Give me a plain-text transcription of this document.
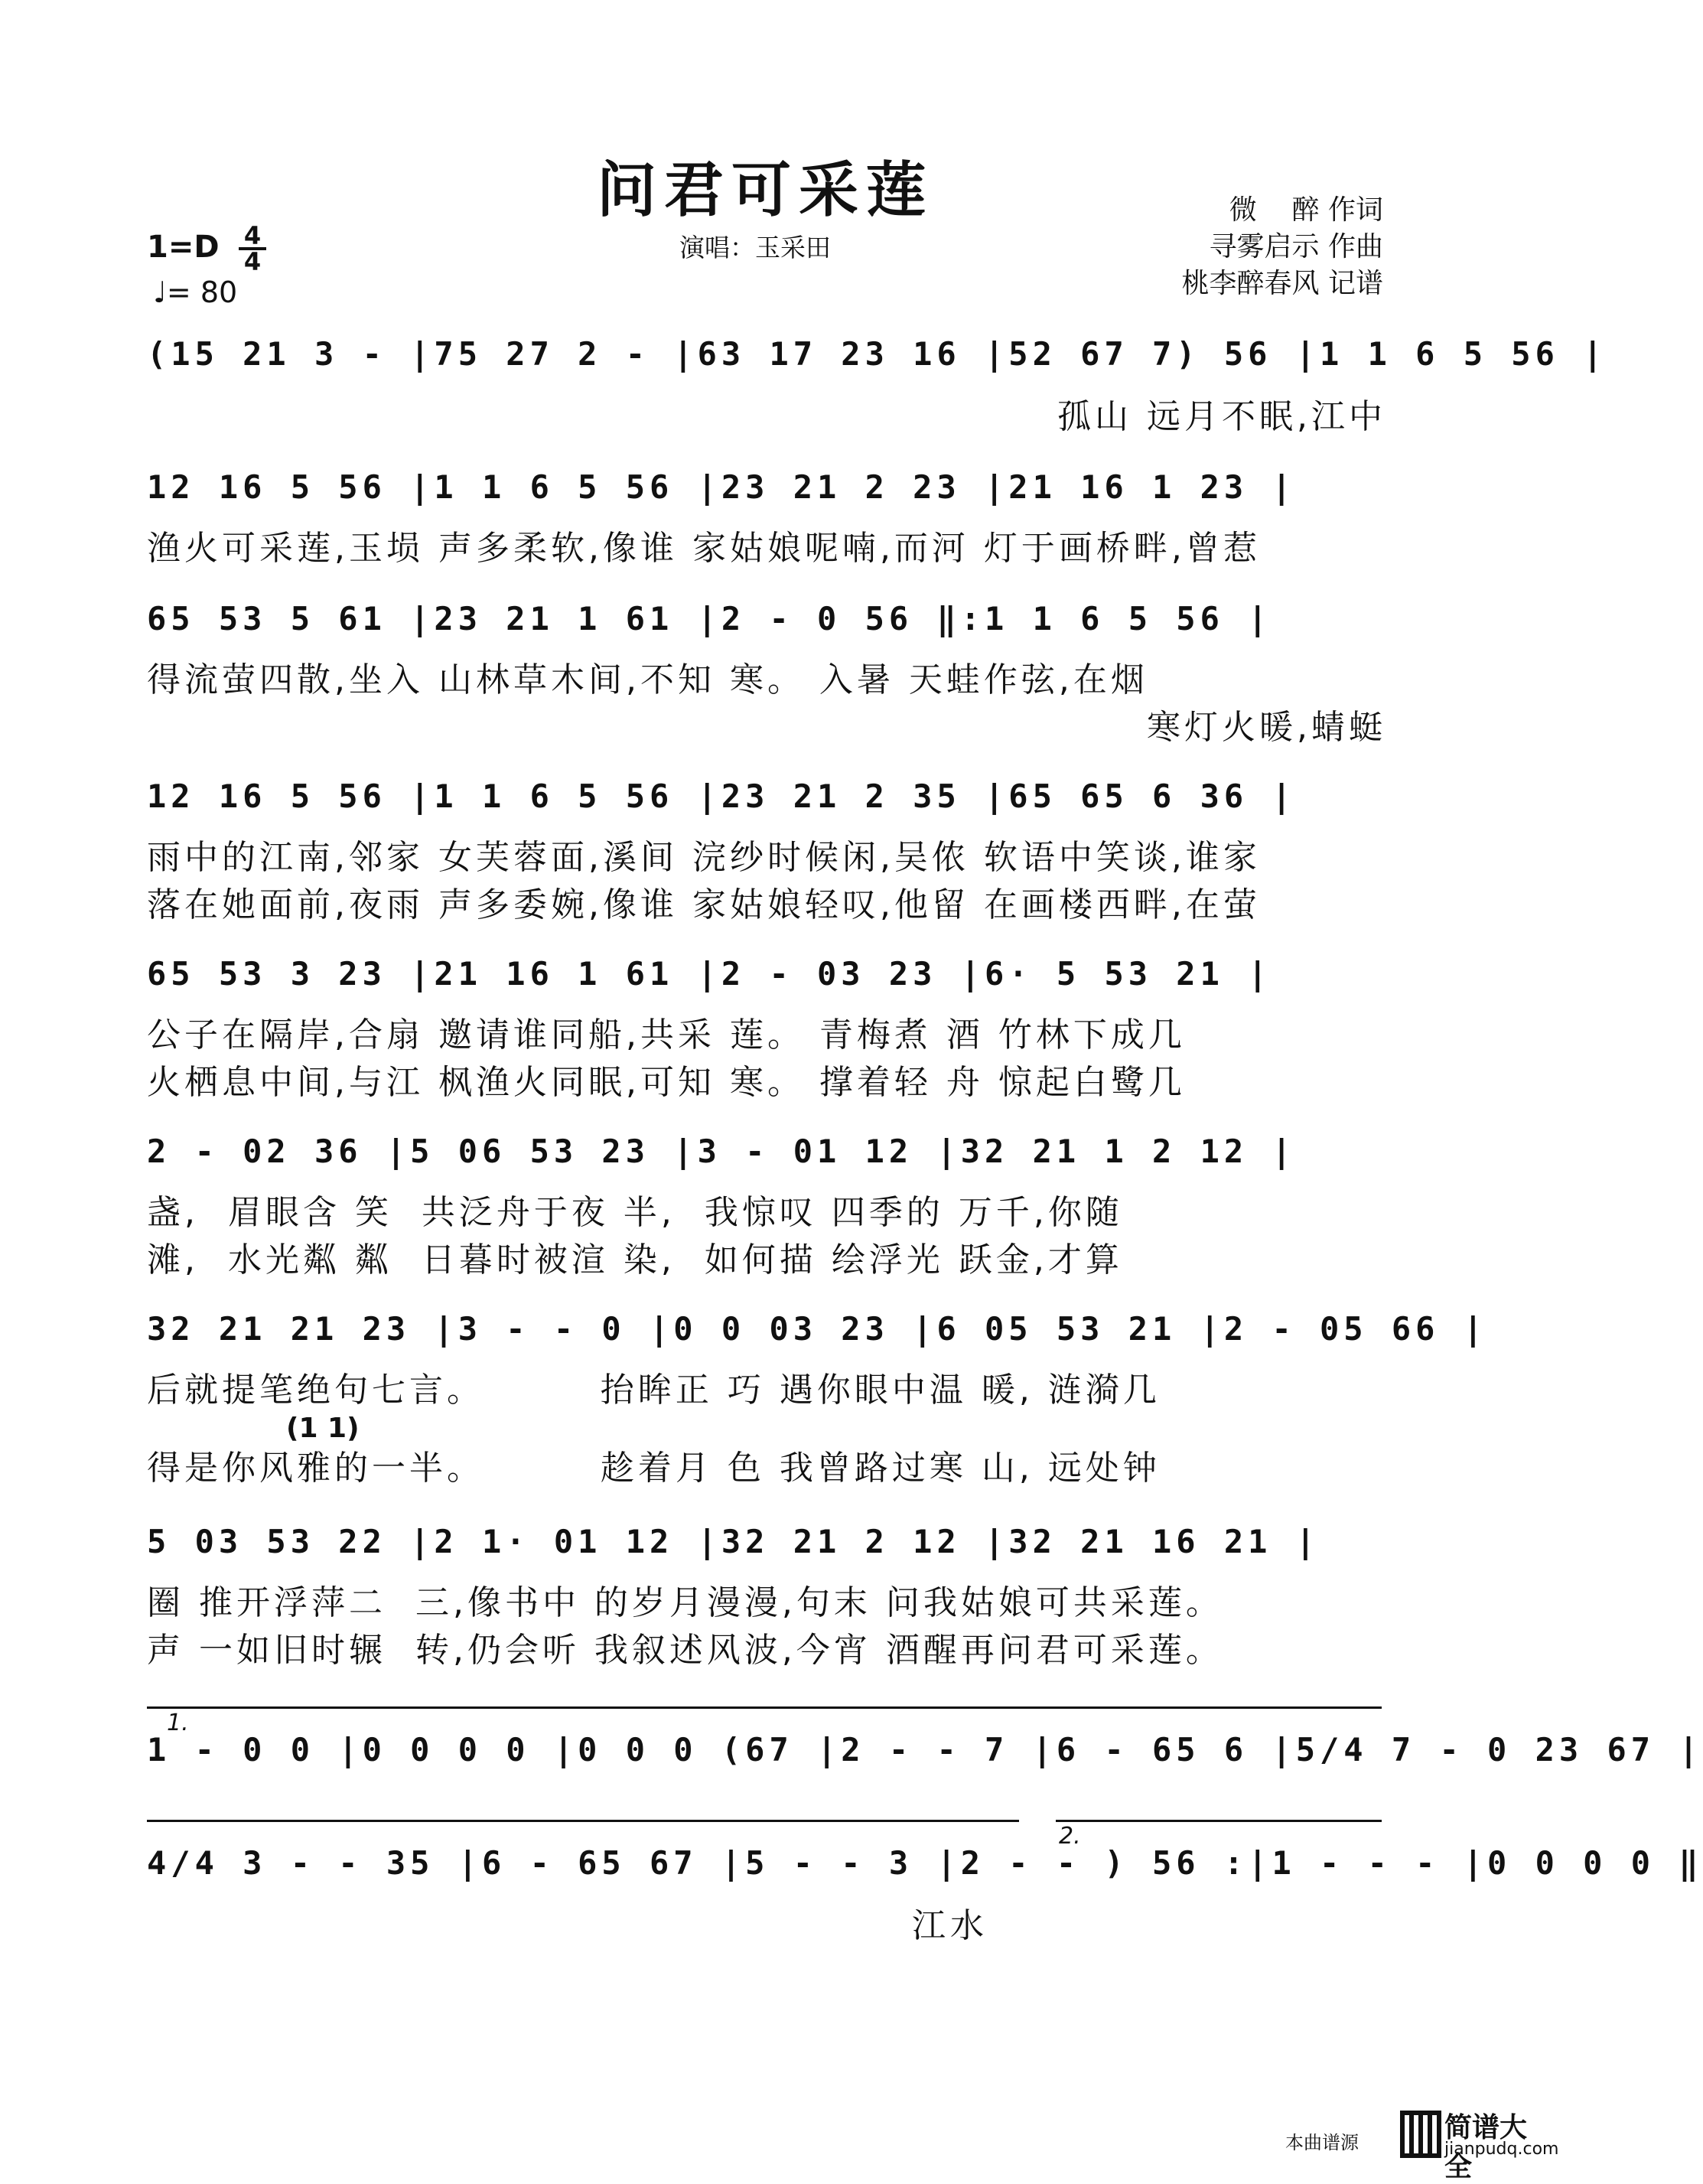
问君可采莲
演唱：玉采田
微    醉 作词
寻雾启示 作曲
桃李醉春风 记谱
1=D 4
4
♩= 80
(15 21 3 - |75 27 2 - |63 17 23 16 |52 67 7) 56 |1 1 6 5 56 |
孤山 远月不眠,江中
12 16 5 56 |1 1 6 5 56 |23 21 2 23 |21 16 1 23 |
渔火可采莲,玉埙 声多柔软,像谁 家姑娘呢喃,而河 灯于画桥畔,曾惹
65 53 5 61 |23 21 1 61 |2 - 0 56 ‖:1 1 6 5 56 |
得流萤四散,坐入 山林草木间,不知 寒。 入暑 天蛙作弦,在烟
寒灯火暖,蜻蜓
12 16 5 56 |1 1 6 5 56 |23 21 2 35 |65 65 6 36 |
雨中的江南,邻家 女芙蓉面,溪间 浣纱时候闲,吴侬 软语中笑谈,谁家
落在她面前,夜雨 声多委婉,像谁 家姑娘轻叹,他留 在画楼西畔,在萤
65 53 3 23 |21 16 1 61 |2 - 03 23 |6· 5 53 21 |
公子在隔岸,合扇 邀请谁同船,共采 莲。 青梅煮 酒 竹林下成几
火栖息中间,与江 枫渔火同眠,可知 寒。 撑着轻 舟 惊起白鹭几
2 - 02 36 |5 06 53 23 |3 - 01 12 |32 21 1 2 12 |
盏,  眉眼含 笑  共泛舟于夜 半,  我惊叹 四季的 万千,你随
滩,  水光粼 粼  日暮时被渲 染,  如何描 绘浮光 跃金,才算
32 21 21 23 |3 - - 0 |0 0 03 23 |6 05 53 21 |2 - 05 66 |
后就提笔绝句七言。        抬眸正 巧 遇你眼中温 暖, 涟漪几
(1 1)
得是你风雅的一半。        趁着月 色 我曾路过寒 山, 远处钟
5 03 53 22 |2 1· 01 12 |32 21 2 12 |32 21 16 21 |
圈 推开浮萍二  三,像书中 的岁月漫漫,句末 问我姑娘可共采莲。
声 一如旧时辗  转,仍会听 我叙述风波,今宵 酒醒再问君可采莲。
1.
1 - 0 0 |0 0 0 0 |0 0 0 (67 |2 - - 7 |6 - 65 6 |5/4 7 - 0 23 67 |
2.
4/4 3 - - 35 |6 - 65 67 |5 - - 3 |2 - - ) 56 :|1 - - - |0 0 0 0 ‖
江水
本曲谱源	简谱大全
jianpudq.com
